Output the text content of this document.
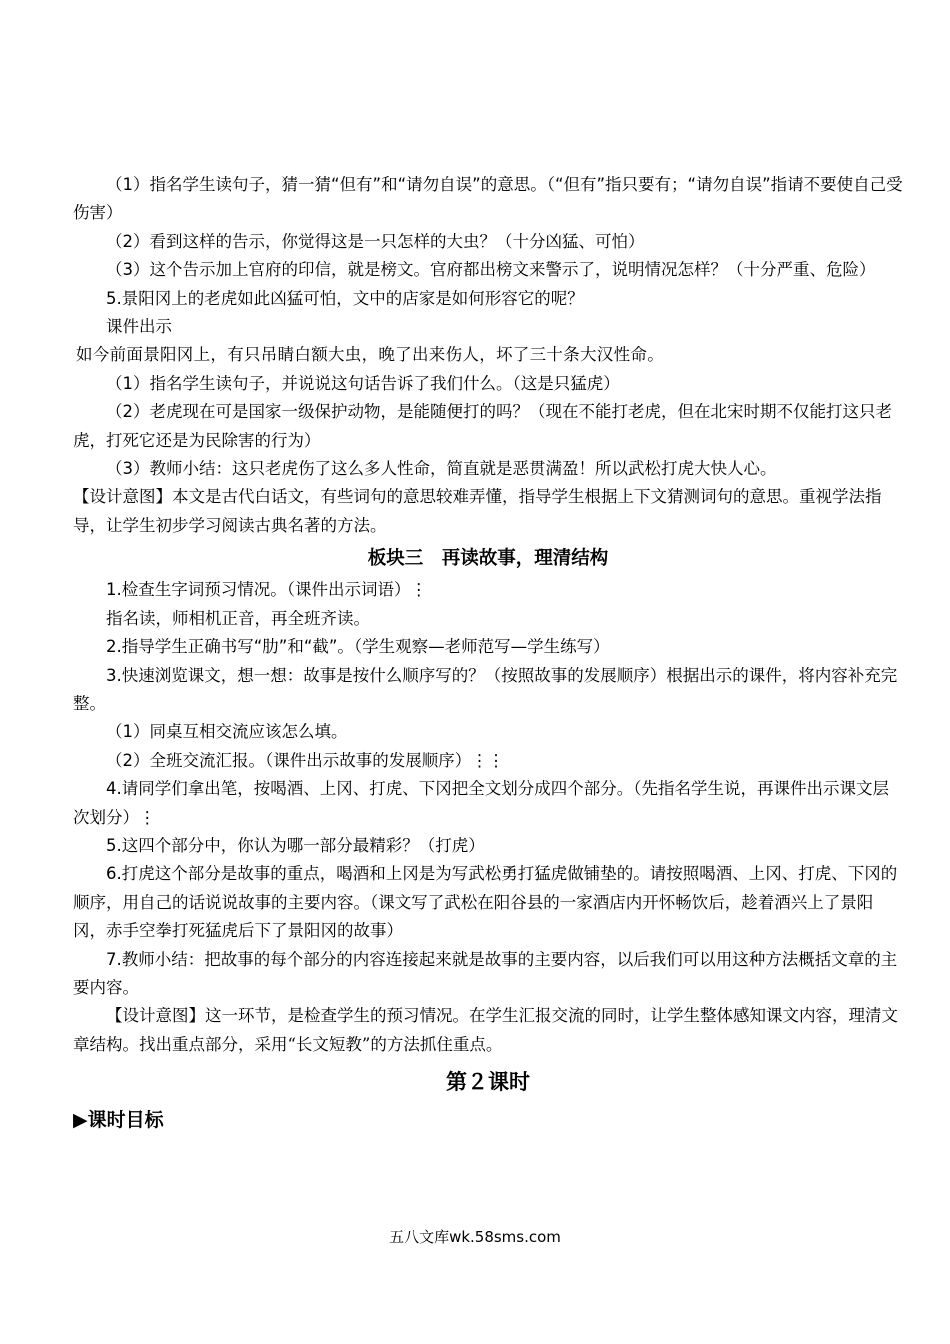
（1）指名学生读句子，猜一猜“但有”和“请勿自误”的意思。（“但有”指只要有；“请勿自误”指请不要使自己受伤害）

（2）看到这样的告示，你觉得这是一只怎样的大虫？（十分凶猛、可怕）

（3）这个告示加上官府的印信，就是榜文。官府都出榜文来警示了，说明情况怎样？（十分严重、危险）

5.景阳冈上的老虎如此凶猛可怕，文中的店家是如何形容它的呢？

课件出示

如今前面景阳冈上，有只吊睛白额大虫，晚了出来伤人，坏了三十条大汉性命。

（1）指名学生读句子，并说说这句话告诉了我们什么。（这是只猛虎）

（2）老虎现在可是国家一级保护动物，是能随便打的吗？（现在不能打老虎，但在北宋时期不仅能打这只老虎，打死它还是为民除害的行为）

（3）教师小结：这只老虎伤了这么多人性命，简直就是恶贯满盈！所以武松打虎大快人心。

【设计意图】本文是古代白话文，有些词句的意思较难弄懂，指导学生根据上下文猜测词句的意思。重视学法指导，让学生初步学习阅读古典名著的方法。

板块三　再读故事，理清结构

1.检查生字词预习情况。（课件出示词语）⋮

指名读，师相机正音，再全班齐读。

2.指导学生正确书写“肋”和“截”。（学生观察—老师范写—学生练写）

3.快速浏览课文，想一想：故事是按什么顺序写的？（按照故事的发展顺序）根据出示的课件，将内容补充完整。

（1）同桌互相交流应该怎么填。

（2）全班交流汇报。（课件出示故事的发展顺序）⋮⋮

4.请同学们拿出笔，按喝酒、上冈、打虎、下冈把全文划分成四个部分。（先指名学生说，再课件出示课文层次划分）⋮

5.这四个部分中，你认为哪一部分最精彩？（打虎）

6.打虎这个部分是故事的重点，喝酒和上冈是为写武松勇打猛虎做铺垫的。请按照喝酒、上冈、打虎、下冈的顺序，用自己的话说说故事的主要内容。（课文写了武松在阳谷县的一家酒店内开怀畅饮后，趁着酒兴上了景阳冈，赤手空拳打死猛虎后下了景阳冈的故事）

7.教师小结：把故事的每个部分的内容连接起来就是故事的主要内容，以后我们可以用这种方法概括文章的主要内容。

【设计意图】这一环节，是检查学生的预习情况。在学生汇报交流的同时，让学生整体感知课文内容，理清文章结构。找出重点部分，采用“长文短教”的方法抓住重点。

第２课时
▶课时目标
五八文库wk.58sms.com
